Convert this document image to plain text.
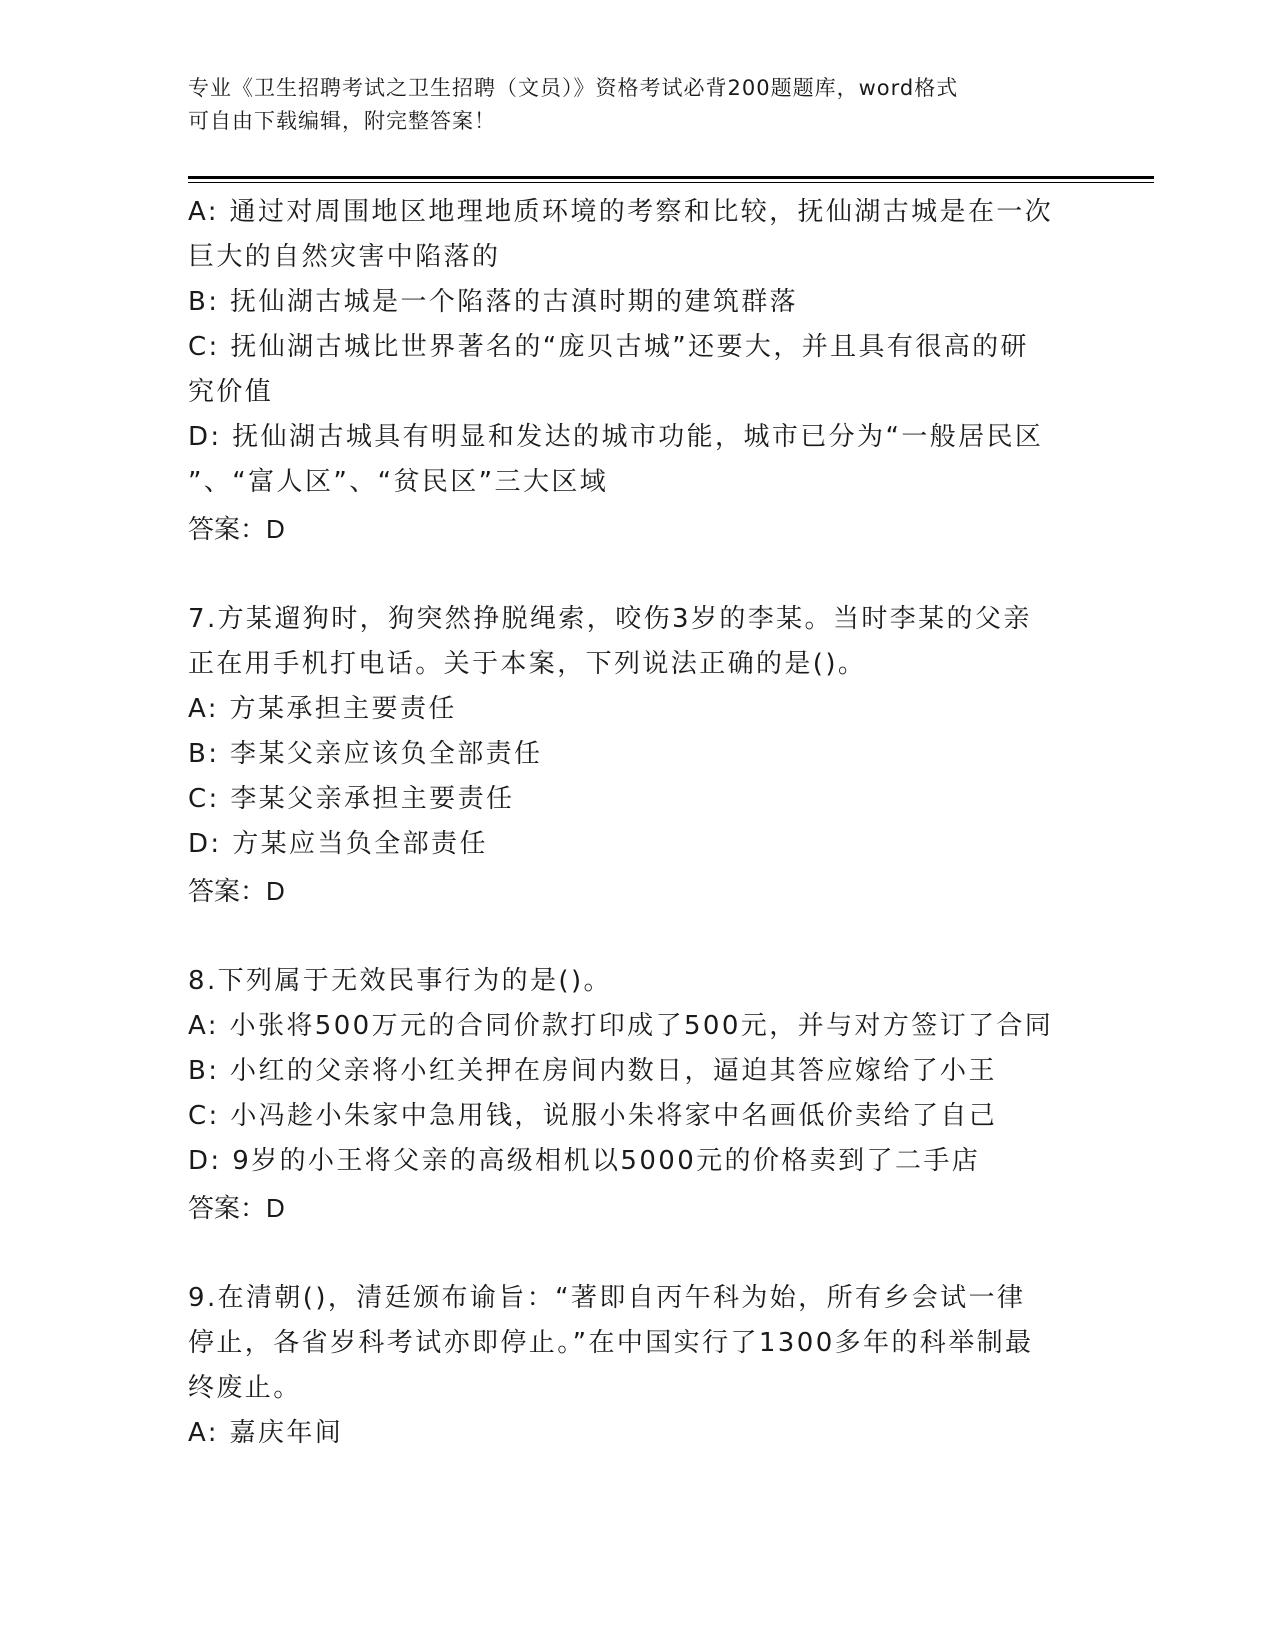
专业《卫生招聘考试之卫生招聘（文员）》资格考试必背200题题库，word格式
可自由下载编辑，附完整答案！
A: 通过对周围地区地理地质环境的考察和比较，抚仙湖古城是在一次
巨大的自然灾害中陷落的
B: 抚仙湖古城是一个陷落的古滇时期的建筑群落
C: 抚仙湖古城比世界著名的“庞贝古城”还要大，并且具有很高的研
究价值
D: 抚仙湖古城具有明显和发达的城市功能，城市已分为“一般居民区
”、“富人区”、“贫民区”三大区域
答案：D
7.方某遛狗时，狗突然挣脱绳索，咬伤3岁的李某。当时李某的父亲
正在用手机打电话。关于本案，下列说法正确的是()。
A: 方某承担主要责任
B: 李某父亲应该负全部责任
C: 李某父亲承担主要责任
D: 方某应当负全部责任
答案：D
8.下列属于无效民事行为的是()。
A: 小张将500万元的合同价款打印成了500元，并与对方签订了合同
B: 小红的父亲将小红关押在房间内数日，逼迫其答应嫁给了小王
C: 小冯趁小朱家中急用钱，说服小朱将家中名画低价卖给了自己
D: 9岁的小王将父亲的高级相机以5000元的价格卖到了二手店
答案：D
9.在清朝()，清廷颁布谕旨：“著即自丙午科为始，所有乡会试一律
停止，各省岁科考试亦即停止。”在中国实行了1300多年的科举制最
终废止。
A: 嘉庆年间
